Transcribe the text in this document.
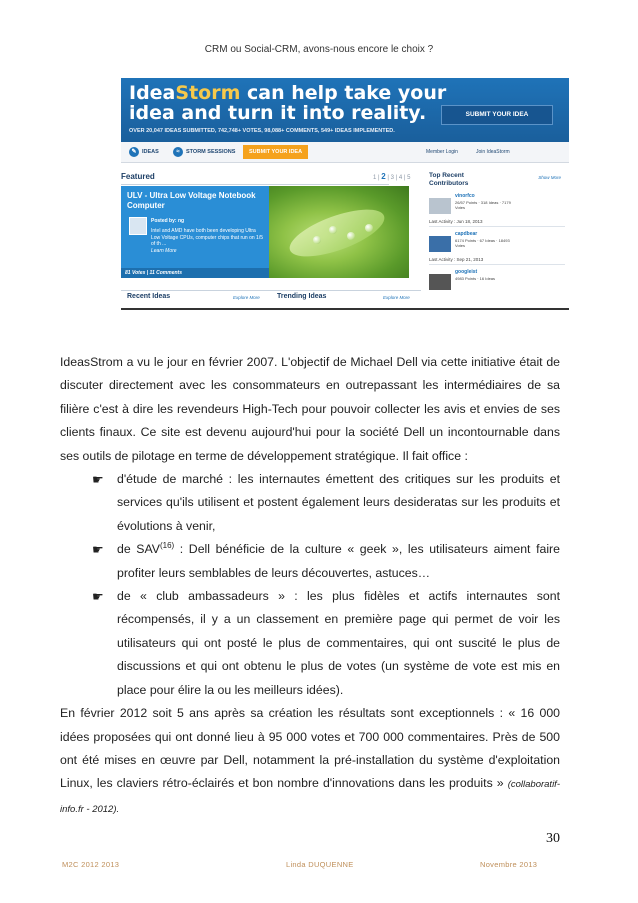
CRM ou Social-CRM, avons-nous encore le choix ?
IdeaStorm can help take your
idea and turn it into reality.
OVER 20,047 IDEAS SUBMITTED, 742,748+ VOTES, 98,088+ COMMENTS, 549+ IDEAS IMPLEMENTED.
SUBMIT YOUR IDEA
✎ IDEAS	≈ STORM SESSIONS	SUBMIT YOUR IDEA	Member Login	Join IdeaStorm
Featured	1 | 2 | 3 | 4 | 5
ULV - Ultra Low Voltage Notebook Computer
Posted by: ng
Intel and AMD have both been developing Ultra Low Voltage CPUs, computer chips that run on 1/5 of th ...
Learn More
81 Votes | 11 Comments
Top Recent Contributors
Show More
vinorfco
26/57 Points · 318 Ideas · 7179 Votes
Last Activity : Jun 18, 2013
capdbear
6174 Points · 67 Ideas · 18493 Votes
Last Activity : Sep 21, 2013
googleist
4983 Points · 16 Ideas
Recent Ideas	Explore More Trending Ideas	Explore More

IdeasStrom a vu le jour en février 2007. L'objectif de Michael Dell via cette initiative était de discuter directement avec les consommateurs en outrepassant les intermédiaires de sa filière c'est à dire les revendeurs High-Tech pour pouvoir collecter les avis et envies de ses clients finaux. Ce site est devenu aujourd'hui pour la société Dell un incontournable dans ses outils de pilotage en terme de développement stratégique. Il fait office :

☛ d'étude de marché : les internautes émettent des critiques sur les produits et services qu'ils utilisent et postent également leurs desideratas sur les produits et évolutions à venir,

☛ de SAV$^{(16)}$ : Dell bénéficie de la culture « geek », les utilisateurs aiment faire profiter leurs semblables de leurs découvertes, astuces…

☛ de « club ambassadeurs » : les plus fidèles et actifs internautes sont récompensés, il y a un classement en première page qui permet de voir les utilisateurs qui ont posté le plus de commentaires, qui ont suscité le plus de discussions et qui ont obtenu le plus de votes (un système de vote est mis en place pour élire la ou les meilleurs idées).

En février 2012 soit 5 ans après sa création les résultats sont exceptionnels : « 16 000 idées proposées qui ont donné lieu à 95 000 votes et 700 000 commentaires. Près de 500 ont été mises en œuvre par Dell, notamment la pré-installation du système d'exploitation Linux, les claviers rétro-éclairés et bon nombre d'innovations dans les produits » (collaboratif-info.fr - 2012).

30
M2C 2012 2013	Linda DUQUENNE	Novembre 2013
